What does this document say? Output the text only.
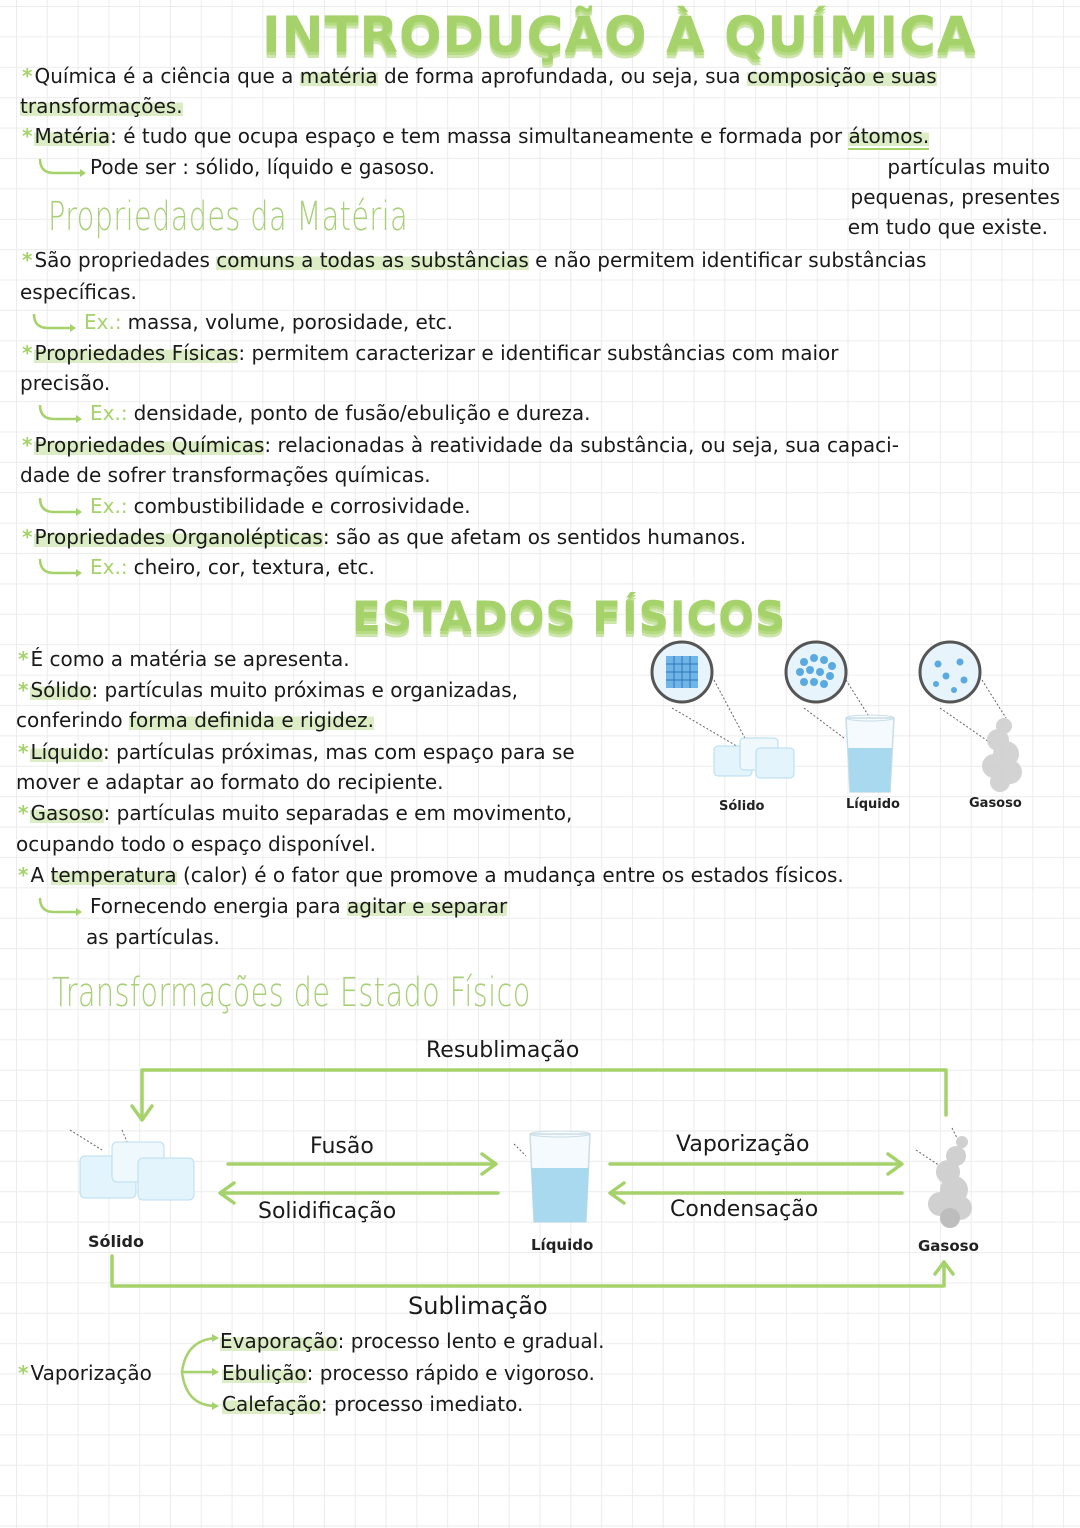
INTRODUÇÃO À QUÍMICA
* Química é a ciência que a matéria de forma aprofundada, ou seja, sua composição e suas
transformações.
* Matéria: é tudo que ocupa espaço e tem massa simultaneamente e formada por átomos.
Pode ser : sólido, líquido e gasoso.	partículas muito
pequenas, presentes
em tudo que existe.
Propriedades da Matéria
* São propriedades comuns a todas as substâncias e não permitem identificar substâncias
específicas.
Ex.: massa, volume, porosidade, etc.
* Propriedades Físicas: permitem caracterizar e identificar substâncias com maior
precisão.
Ex.: densidade, ponto de fusão/ebulição e dureza.
* Propriedades Químicas: relacionadas à reatividade da substância, ou seja, sua capaci-
dade de sofrer transformações químicas.
Ex.: combustibilidade e corrosividade.
* Propriedades Organolépticas: são as que afetam os sentidos humanos.
Ex.: cheiro, cor, textura, etc.
ESTADOS FÍSICOS
* É como a matéria se apresenta.
* Sólido: partículas muito próximas e organizadas,
conferindo forma definida e rigidez.
* Líquido: partículas próximas, mas com espaço para se
mover e adaptar ao formato do recipiente.
* Gasoso: partículas muito separadas e em movimento,
ocupando todo o espaço disponível.
* A temperatura (calor) é o fator que promove a mudança entre os estados físicos.
Fornecendo energia para agitar e separar
as partículas.
Sólido	Líquido	Gasoso
Transformações de Estado Físico
Resublimação
Fusão
Solidificação
Vaporização
Condensação
Sublimação
Sólido	Líquido	Gasoso
* Vaporização
Evaporação: processo lento e gradual.
Ebulição: processo rápido e vigoroso.
Calefação: processo imediato.
